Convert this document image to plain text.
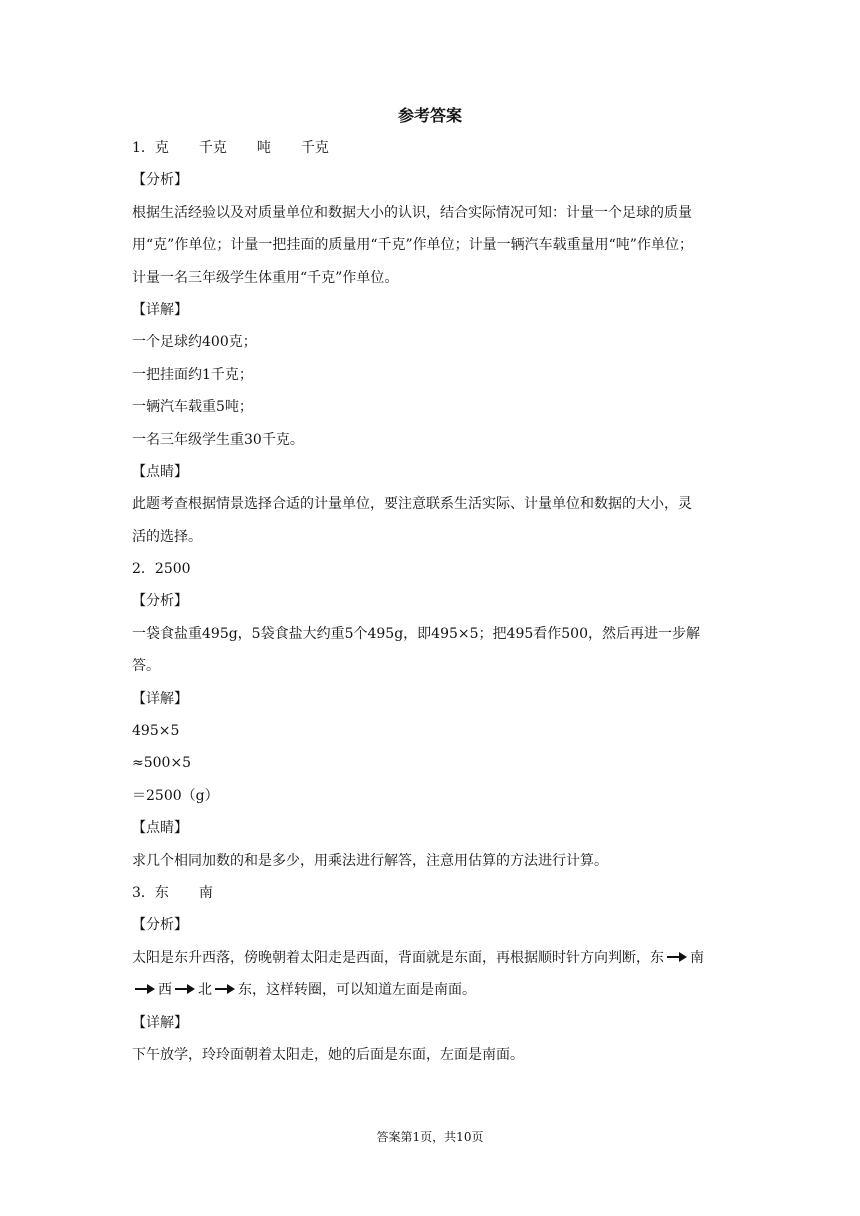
参考答案
1．克 千克 吨 千克
【分析】
根据生活经验以及对质量单位和数据大小的认识，结合实际情况可知：计量一个足球的质量
用“克”作单位；计量一把挂面的质量用“千克”作单位；计量一辆汽车载重量用“吨”作单位；
计量一名三年级学生体重用“千克”作单位。
【详解】
一个足球约400克；
一把挂面约1千克；
一辆汽车载重5吨；
一名三年级学生重30千克。
【点睛】
此题考查根据情景选择合适的计量单位，要注意联系生活实际、计量单位和数据的大小，灵
活的选择。
2．2500
【分析】
一袋食盐重495g，5袋食盐大约重5个495g，即495×5；把495看作500，然后再进一步解
答。
【详解】
495×5
≈500×5
＝2500（g）
【点睛】
求几个相同加数的和是多少，用乘法进行解答，注意用估算的方法进行计算。
3．东 南
【分析】
太阳是东升西落，傍晚朝着太阳走是西面，背面就是东面，再根据顺时针方向判断，东 南
西 北 东，这样转圈，可以知道左面是南面。
【详解】
下午放学，玲玲面朝着太阳走，她的后面是东面，左面是南面。
答案第1页，共10页
